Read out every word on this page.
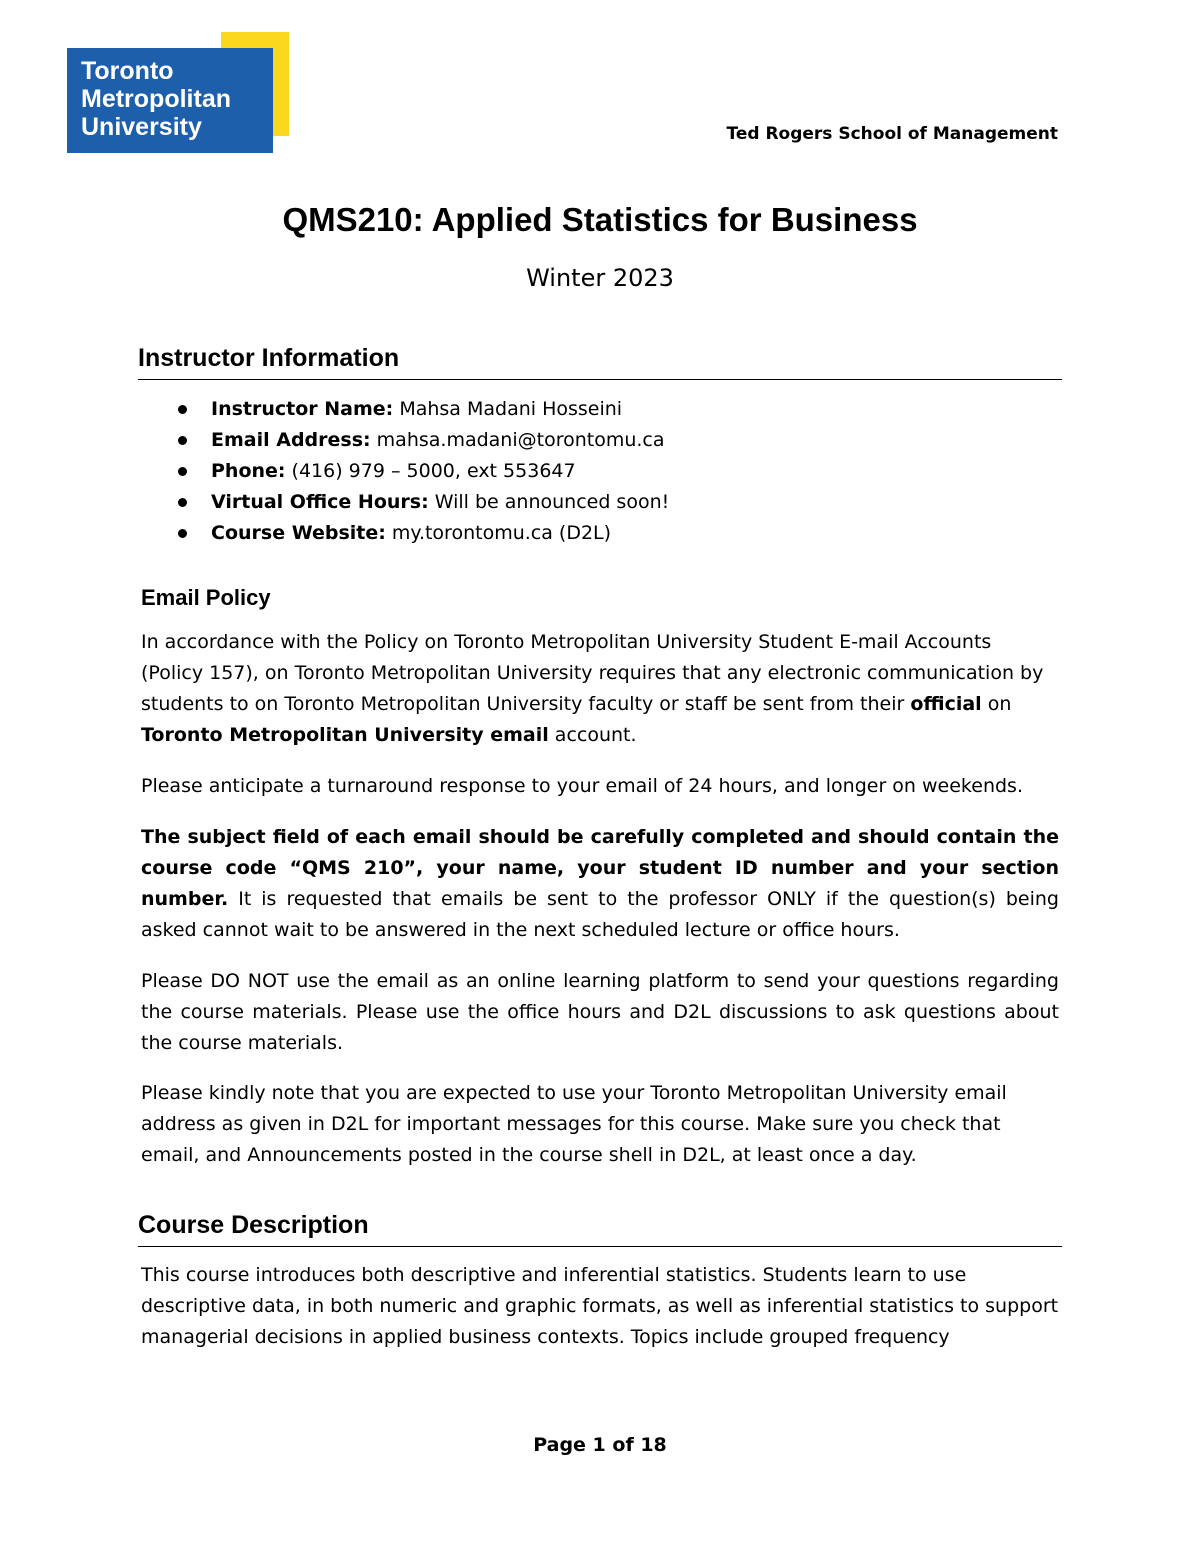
Toronto
Metropolitan
University	Ted Rogers School of Management
QMS210: Applied Statistics for Business
Winter 2023
Instructor Information
Instructor Name: Mahsa Madani Hosseini
Email Address: mahsa.madani@torontomu.ca
Phone: (416) 979 – 5000, ext 553647
Virtual Office Hours: Will be announced soon!
Course Website: my.torontomu.ca (D2L)
Email Policy

In accordance with the Policy on Toronto Metropolitan University Student E-mail Accounts (Policy 157), on Toronto Metropolitan University requires that any electronic communication by students to on Toronto Metropolitan University faculty or staff be sent from their official on Toronto Metropolitan University email account.

Please anticipate a turnaround response to your email of 24 hours, and longer on weekends.

The subject field of each email should be carefully completed and should contain the course code “QMS 210”, your name, your student ID number and your section number. It is requested that emails be sent to the professor ONLY if the question(s) being asked cannot wait to be answered in the next scheduled lecture or office hours.

Please DO NOT use the email as an online learning platform to send your questions regarding the course materials. Please use the office hours and D2L discussions to ask questions about the course materials.

Please kindly note that you are expected to use your Toronto Metropolitan University email address as given in D2L for important messages for this course. Make sure you check that email, and Announcements posted in the course shell in D2L, at least once a day.

Course Description

This course introduces both descriptive and inferential statistics. Students learn to use descriptive data, in both numeric and graphic formats, as well as inferential statistics to support managerial decisions in applied business contexts. Topics include grouped frequency

Page 1 of 18
